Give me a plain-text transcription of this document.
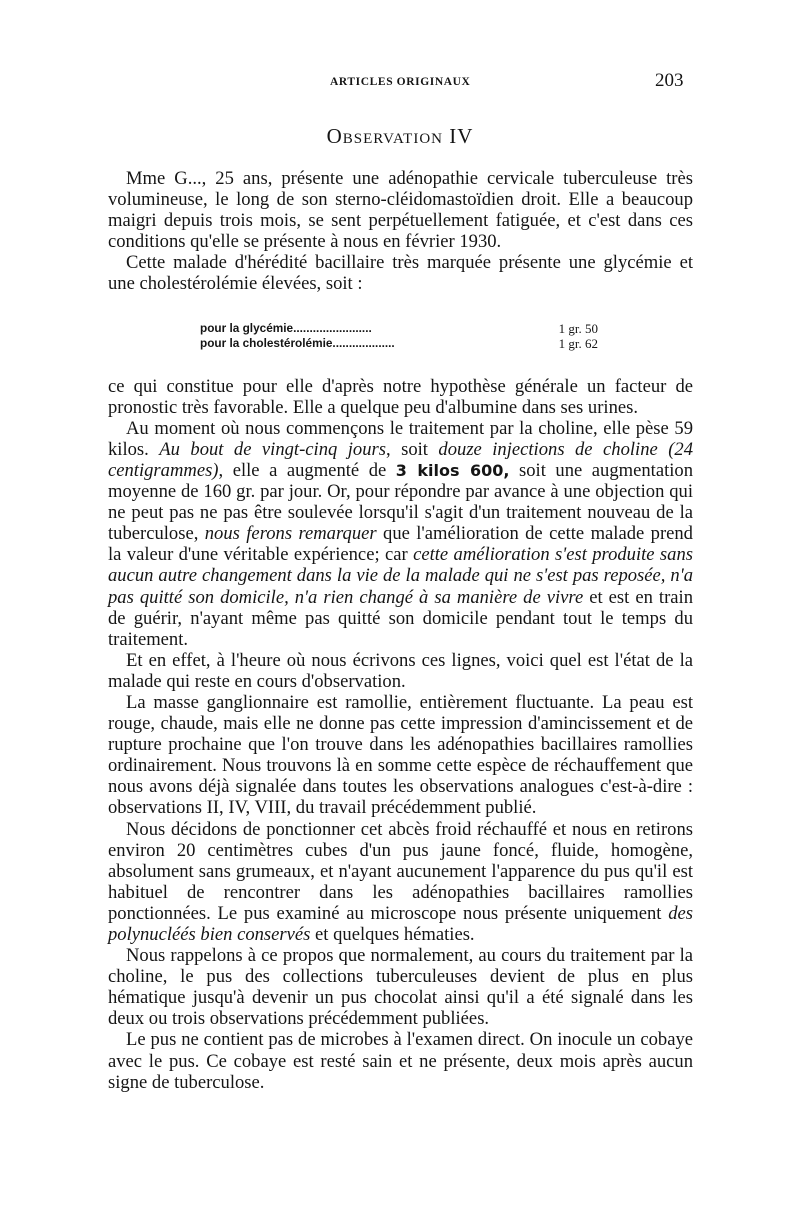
ARTICLES ORIGINAUX	203
Observation IV

Mme G..., 25 ans, présente une adénopathie cervicale tuberculeuse très volumineuse, le long de son sterno-cléidomastoïdien droit. Elle a beaucoup maigri depuis trois mois, se sent perpétuellement fatiguée, et c'est dans ces conditions qu'elle se présente à nous en février 1930.

Cette malade d'hérédité bacillaire très marquée présente une glycémie et une cholestérolémie élevées, soit :

pour la glycémie........................	1 gr. 50
pour la cholestérolémie...................	1 gr. 62

ce qui constitue pour elle d'après notre hypothèse générale un facteur de pronostic très favorable. Elle a quelque peu d'albumine dans ses urines.

Au moment où nous commençons le traitement par la choline, elle pèse 59 kilos. Au bout de vingt-cinq jours, soit douze injections de choline (24 centigrammes), elle a augmenté de 3 kilos 600, soit une augmentation moyenne de 160 gr. par jour. Or, pour répondre par avance à une objection qui ne peut pas ne pas être soulevée lorsqu'il s'agit d'un traitement nouveau de la tuberculose, nous ferons remarquer que l'amélioration de cette malade prend la valeur d'une véritable expérience; car cette amélioration s'est produite sans aucun autre changement dans la vie de la malade qui ne s'est pas reposée, n'a pas quitté son domicile, n'a rien changé à sa manière de vivre et est en train de guérir, n'ayant même pas quitté son domicile pendant tout le temps du traitement.

Et en effet, à l'heure où nous écrivons ces lignes, voici quel est l'état de la malade qui reste en cours d'observation.

La masse ganglionnaire est ramollie, entièrement fluctuante. La peau est rouge, chaude, mais elle ne donne pas cette impression d'amincissement et de rupture prochaine que l'on trouve dans les adénopathies bacillaires ramollies ordinairement. Nous trouvons là en somme cette espèce de réchauffement que nous avons déjà signalée dans toutes les observations analogues c'est-à-dire : observations II, IV, VIII, du travail précédemment publié.

Nous décidons de ponctionner cet abcès froid réchauffé et nous en retirons environ 20 centimètres cubes d'un pus jaune foncé, fluide, homogène, absolument sans grumeaux, et n'ayant aucunement l'apparence du pus qu'il est habituel de rencontrer dans les adénopathies bacillaires ramollies ponctionnées. Le pus examiné au microscope nous présente uniquement des polynucléés bien conservés et quelques hématies.

Nous rappelons à ce propos que normalement, au cours du traitement par la choline, le pus des collections tuberculeuses devient de plus en plus hématique jusqu'à devenir un pus chocolat ainsi qu'il a été signalé dans les deux ou trois observations précédemment publiées.

Le pus ne contient pas de microbes à l'examen direct. On inocule un cobaye avec le pus. Ce cobaye est resté sain et ne présente, deux mois après aucun signe de tuberculose.
